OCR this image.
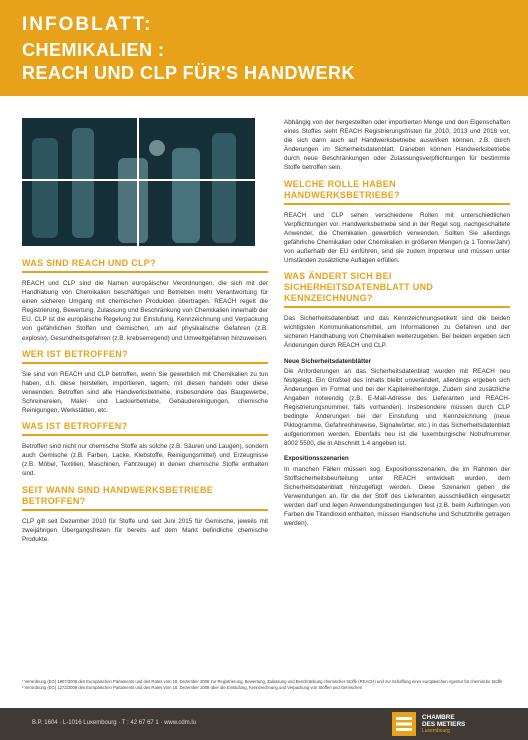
INFOBLATT:
CHEMIKALIEN :
REACH UND CLP FÜR'S HANDWERK
WAS SIND REACH UND CLP?

REACH und CLP sind die Namen europäischer Verordnungen, die sich mit der Handhabung von Chemikalien beschäftigen und Betrieben mehr Verantwortung für einen sicheren Umgang mit chemischen Produkten übertragen. REACH regelt die Registrierung, Bewertung, Zulassung und Beschränkung von Chemikalien innerhalb der EU. CLP ist die europäische Regelung zur Einstufung, Kennzeichnung und Verpackung von gefährlichen Stoffen und Gemischen, um auf physikalische Gefahren (z.B. explosiv), Gesundheitsgefahren (z.B. krebserregend) und Umweltgefahren hinzuweisen.

WER IST BETROFFEN?

Sie sind von REACH und CLP betroffen, wenn Sie gewerblich mit Chemikalien zu tun haben, d.h. diese herstellen, importieren, lagern, mit diesen handeln oder diese verwenden. Betroffen sind alle Handwerksbetriebe, insbesondere das Baugewerbe, Schreinereien, Maler- und Lackierbetriebe, Gebäudereinigungen, chemische Reinigungen, Werkstätten, etc.

WAS IST BETROFFEN?

Betroffen sind nicht nur chemische Stoffe als solche (z.B. Säuren und Laugen), sondern auch Gemische (z.B. Farben, Lacke, Klebstoffe, Reinigungsmittel) und Erzeugnisse (z.B. Möbel, Textilien, Maschinen, Fahrzeuge) in denen chemische Stoffe enthalten sind.

SEIT WANN SIND HANDWERKSBETRIEBE BETROFFEN?

CLP gilt seit Dezember 2010 für Stoffe und seit Juni 2015 für Gemische, jeweils mit zweijährigen Übergangsfristen für bereits auf dem Markt befindliche chemische Produkte.

Abhängig von der hergestellten oder importierten Menge und den Eigenschaften eines Stoffes sieht REACH Registrierungsfristen für 2010, 2013 und 2018 vor, die sich dann auch auf Handwerksbetriebe auswirken können, z.B. durch Änderungen im Sicherheitsdatenblatt. Daneben können Handwerksbetriebe durch neue Beschränkungen oder Zulassungsverpflichtungen für bestimmte Stoffe betroffen sein.

WELCHE ROLLE HABEN HANDWERKSBETRIEBE?

REACH und CLP sehen verschiedene Rollen mit unterschiedlichen Verpflichtungen vor. Handwerksbetriebe sind in der Regel sog. nachgeschaltete Anwender, die Chemikalien gewerblich verwenden. Sollten Sie allerdings gefährliche Chemikalien oder Chemikalien in größeren Mengen (≥ 1 Tonne/Jahr) von außerhalb der EU einführen, sind sie zudem Importeur und müssen unter Umständen zusätzliche Auflagen erfüllen.

WAS ÄNDERT SICH BEI SICHERHEITSDATENBLATT UND KENNZEICHNUNG?

Das Sicherheitsdatenblatt und das Kennzeichnungsetikett sind die beiden wichtigsten Kommunikationsmittel, um Informationen zu Gefahren und der sicheren Handhabung von Chemikalien weiterzugeben. Bei beiden ergeben sich Änderungen durch REACH und CLP.

Neue Sicherheitsdatenblätter

Die Anforderungen an das Sicherheitsdatenblatt wurden mit REACH neu festgelegt. Ein Großteil des Inhalts bleibt unverändert, allerdings ergeben sich Änderungen im Format und bei der Kapitelreihenfolge. Zudem sind zusätzliche Angaben notwendig (z.B. E-Mail-Adresse des Lieferanten und REACH-Registrierungsnummer, falls vorhanden). Insbesondere müssen durch CLP bedingte Änderungen bei der Einstufung und Kennzeichnung (neue Piktogramme, Gefahrenhinweise, Signalwörter, etc.) in das Sicherheitsdatenblatt aufgenommen werden. Ebenfalls neu ist die luxemburgische Notrufnummer 8002 5500, die in Abschnitt 1.4 angeben ist.

Expositionsszenarien

In manchen Fällen müssen sog. Expositionsszenarien, die im Rahmen der Stoffsicherheitsbeurteilung unter REACH entwickelt wurden, dem Sicherheitsdatenblatt hinzugefügt werden. Diese Szenarien geben die Verwendungen an, für die der Stoff des Lieferanten ausschließlich eingesetzt werden darf und legen Anwendungsbedingungen fest (z.B. beim Aufbringen von Farben die Titandioxid enthalten, müssen Handschuhe und Schutzbrille getragen werden).

¹ Verordnung (EG) 1907/2006 des Europäischen Parlaments und des Rates vom 18. Dezember 2006 zur Registrierung, Bewertung, Zulassung und Beschränkung chemischer Stoffe (REACH) und zur Schaffung einer europäischen Agentur für chemische Stoffe
² Verordnung (EG) 1272/2008 des Europäischen Parlaments und des Rates vom 16. Dezember 2008 über die Einstufung, Kennzeichnung und Verpackung von Stoffen und Gemischen
B.P. 1604 · L-1016 Luxembourg · T : 42 67 67 1 · www.cdm.lu
CHAMBRE
DES METIERS
Luxembourg
